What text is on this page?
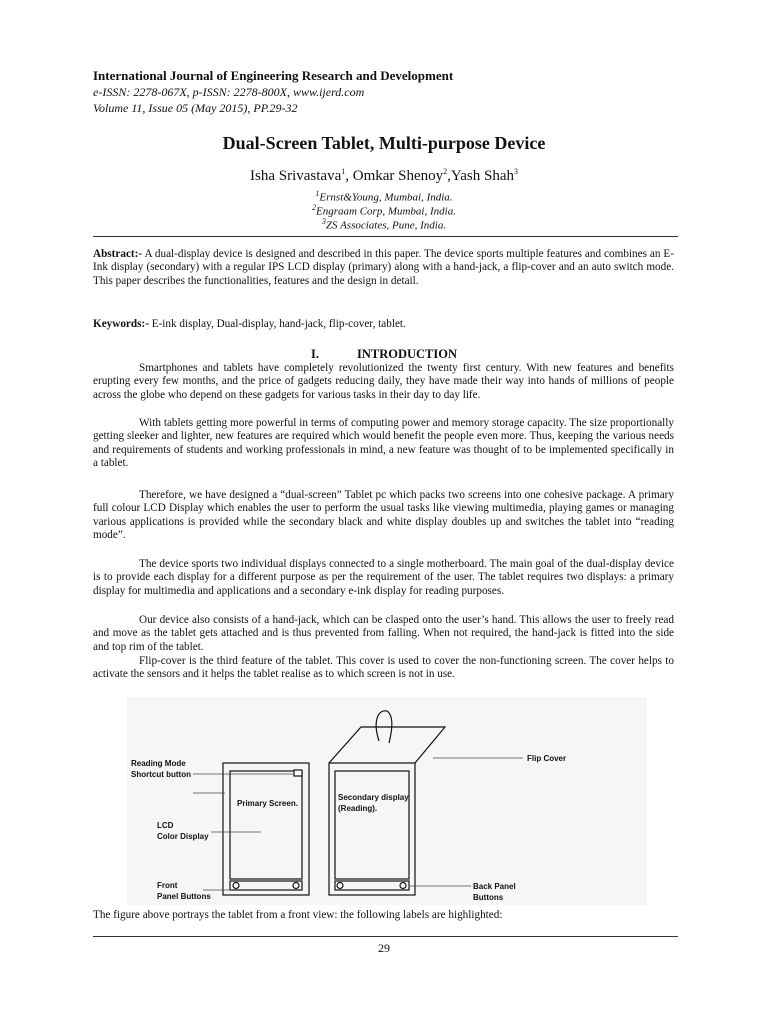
International Journal of Engineering Research and Development
e-ISSN: 2278-067X, p-ISSN: 2278-800X, www.ijerd.com
Volume 11, Issue 05 (May 2015), PP.29-32
Dual-Screen Tablet, Multi-purpose Device
Isha Srivastava$^1$, Omkar Shenoy$^2$,Yash Shah$^3$
$^1$Ernst&Young, Mumbai, India.
$^2$Engraam Corp, Mumbai, India.
$^3$ZS Associates, Pune, India.
Abstract:- A dual-display device is designed and described in this paper. The device sports multiple features and combines an E-Ink display (secondary) with a regular IPS LCD display (primary) along with a hand-jack, a flip-cover and an auto switch mode. This paper describes the functionalities, features and the design in detail.
Keywords:- E-ink display, Dual-display, hand-jack, flip-cover, tablet.
I.	INTRODUCTION
Smartphones and tablets have completely revolutionized the twenty first century. With new features and benefits erupting every few months, and the price of gadgets reducing daily, they have made their way into hands of millions of people across the globe who depend on these gadgets for various tasks in their day to day life.
With tablets getting more powerful in terms of computing power and memory storage capacity. The size proportionally getting sleeker and lighter, new features are required which would benefit the people even more. Thus, keeping the various needs and requirements of students and working professionals in mind, a new feature was thought of to be implemented specifically in a tablet.
Therefore, we have designed a “dual-screen” Tablet pc which packs two screens into one cohesive package. A primary full colour LCD Display which enables the user to perform the usual tasks like viewing multimedia, playing games or managing various applications is provided while the secondary black and white display doubles up and switches the tablet into “reading mode”.
The device sports two individual displays connected to a single motherboard. The main goal of the dual-display device is to provide each display for a different purpose as per the requirement of the user. The tablet requires two displays: a primary display for multimedia and applications and a secondary e-ink display for reading purposes.
Our device also consists of a hand-jack, which can be clasped onto the user’s hand. This allows the user to freely read and move as the tablet gets attached and is thus prevented from falling. When not required, the hand-jack is fitted into the side and top rim of the tablet.
Flip-cover is the third feature of the tablet. This cover is used to cover the non-functioning screen. The cover helps to activate the sensors and it helps the tablet realise as to which screen is not in use.
Reading Mode
Shortcut button
LCD
Color Display
Front
Panel Buttons
Primary Screen.
Secondary display
(Reading).
Flip Cover
Back Panel
Buttons
The figure above portrays the tablet from a front view: the following labels are highlighted:
29
